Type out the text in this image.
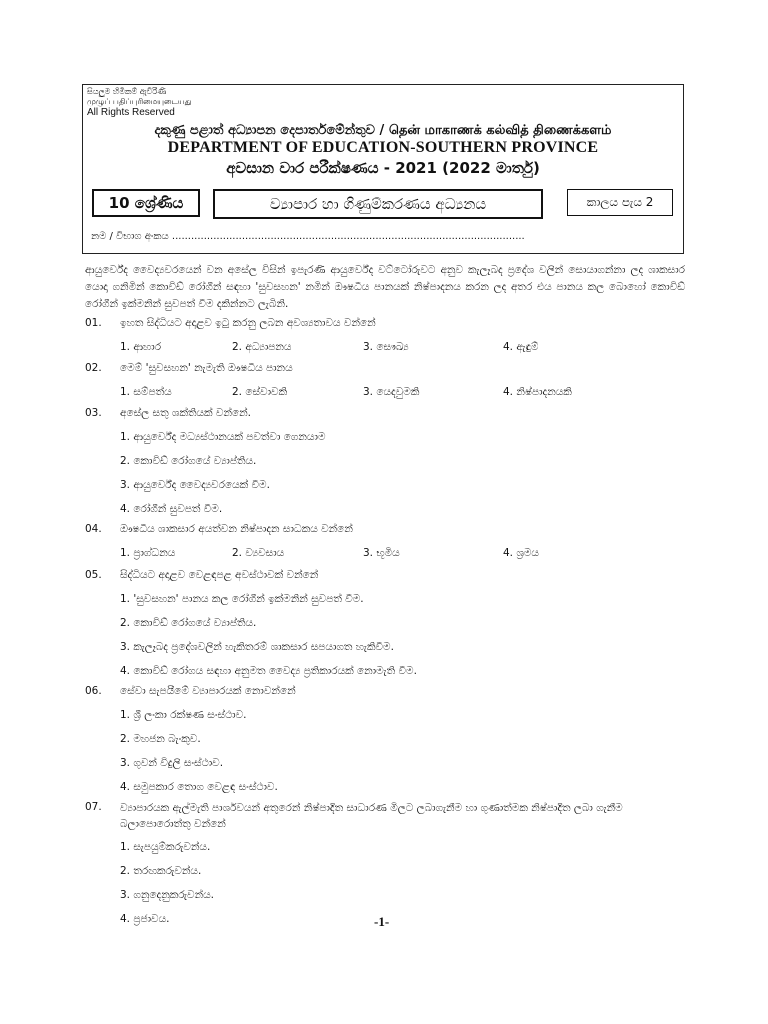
සියලුම හිමිකම් ඇවිරිණි
முழுப் பதிப்புரிமையுடையது
All Rights Reserved
දකුණු පළාත් අධ්‍යාපන දෙපාර්තමේන්තුව / தென் மாகாணக் கல்வித் திணைக்களம்
DEPARTMENT OF EDUCATION-SOUTHERN PROVINCE
අවසාන වාර පරීක්ෂණය - 2021 (2022 මාර්තු)
10 ශ්‍රේණිය	ව්‍යාපාර හා ගිණුම්කරණය අධ්‍යනය	කාලය පැය 2
නම / විභාග අංකය ...............................................................................................................
ආයුර්වේද වෛද්‍යවරයෙන් වන අසේල විසින් ඉපැරණි ආයුර්වේද වට්ටෝරුවට අනුව කැලෑබද ප්‍රදේශ වලින් සොයාගන්නා ලද ශාකසාර යොදා ගනිමින් කොවිඩ් රෝගීන් සඳහා 'සුවසහන' නමින් ඖෂධීය පානයක් නිෂ්පාදනය කරන ලද අතර එය පානය කල බොහෝ කොවිඩ් රෝගීන් ඉක්මනින් සුවපත් වීම දකින්නට ලැබිනි.
01. ඉහත සිද්ධියට අදාළව ඉටු කරනු ලබන අවශ්‍යතාවය වන්නේ
1. ආහාර	2. අධ්‍යාපනය	3. සෞඛ්‍ය	4. ඇඳුම්
02. මෙම් 'සුවසහන' නැමැති ඖෂධීය පානය
1. සම්පත්ය	2. සේවාවකි	3. යෙදවුමකි	4. නිෂ්පාදනයකි
03. අසේල සතු ශක්තියක් වන්නේ.
1. ආයුර්වේද මධ්‍යස්ථානයක් පවත්වා ගෙනයාම
2. කොවිඩ් රෝගයේ ව්‍යාප්තිය.
3. ආයුර්වේද වෛද්‍යවරයෙක් වීම.
4. රෝගීන් සුවපත් වීම.
04. ඖෂධීය ශාකසාර අයත්වන නිෂ්පාදන සාධකය වන්නේ
1. ප්‍රාග්ධනය	2. ව්‍යවසාය	3. භූමිය	4. ශ්‍රමය
05. සිද්ධියට අදාළව වෙළඳපළ අවස්ථාවක් වන්නේ
1. 'සුවසහන' පානය කල රෝගීන් ඉක්මනින් සුවපත් වීම.
2. කොවිඩ් රෝගයේ ව්‍යාප්තිය.
3. කැලෑබද ප්‍රදේශවලින් හැකිතරම් ශාකසාර සපයාගත හැකිවීම.
4. කොවිඩ් රෝගය සඳහා අනුමත වෛද්‍ය ප්‍රතිකාරයක් නොමැති වීම.
06. සේවා සැපයීමේ ව්‍යාපාරයක් නොවන්නේ
1. ශ්‍රී ලංකා රක්ෂණ සංස්ථාව.
2. මහජන බැංකුව.
3. ගුවන් විදුලි සංස්ථාව.
4. සමුපකාර තොග වෙළඳ සංස්ථාව.
07. ව්‍යාපාරයක ඇල්මැති පාර්ශවයන් අතුරෙන් නිෂ්පාදිත සාධාරණ මිලට ලබාගැනීම හා ගුණාත්මක නිෂ්පාදිත ලබා ගැනීම බලාපොරොත්තු වන්නේ
1. සැපයුම්කරුවන්ය.
2. තරඟකරුවන්ය.
3. ගනුදෙනුකරුවන්ය.
4. ප්‍රජාවය.	-1-
